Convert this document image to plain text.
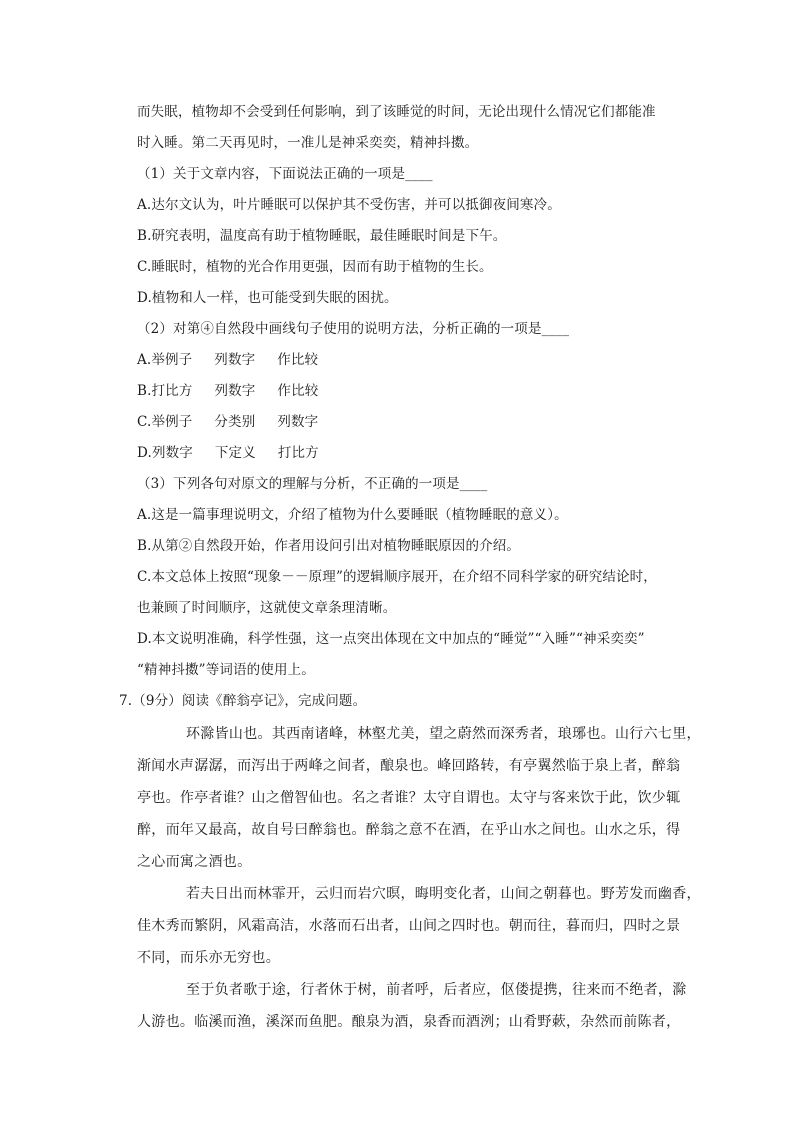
而失眠，植物却不会受到任何影响，到了该睡觉的时间，无论出现什么情况它们都能准
时入睡。第二天再见时，一准儿是神采奕奕，精神抖擞。
（1）关于文章内容，下面说法正确的一项是____
A.达尔文认为，叶片睡眠可以保护其不受伤害，并可以抵御夜间寒冷。
B.研究表明，温度高有助于植物睡眠，最佳睡眠时间是下午。
C.睡眠时，植物的光合作用更强，因而有助于植物的生长。
D.植物和人一样，也可能受到失眠的困扰。
（2）对第④自然段中画线句子使用的说明方法，分析正确的一项是____
A.举例子 列数字 作比较
B.打比方 列数字 作比较
C.举例子 分类别 列数字
D.列数字 下定义 打比方
（3）下列各句对原文的理解与分析，不正确的一项是____
A.这是一篇事理说明文，介绍了植物为什么要睡眠（植物睡眠的意义）。
B.从第②自然段开始，作者用设问引出对植物睡眠原因的介绍。
C.本文总体上按照“现象－－原理”的逻辑顺序展开，在介绍不同科学家的研究结论时，
也兼顾了时间顺序，这就使文章条理清晰。
D.本文说明准确，科学性强，这一点突出体现在文中加点的“睡觉”“入睡”“神采奕奕”
“精神抖擞”等词语的使用上。
7.（9分）阅读《醉翁亭记》，完成问题。
环滁皆山也。其西南诸峰，林壑尤美，望之蔚然而深秀者，琅琊也。山行六七里，
渐闻水声潺潺，而泻出于两峰之间者，酿泉也。峰回路转，有亭翼然临于泉上者，醉翁
亭也。作亭者谁？山之僧智仙也。名之者谁？太守自谓也。太守与客来饮于此，饮少辄
醉，而年又最高，故自号曰醉翁也。醉翁之意不在酒，在乎山水之间也。山水之乐，得
之心而寓之酒也。
若夫日出而林霏开，云归而岩穴暝，晦明变化者，山间之朝暮也。野芳发而幽香，
佳木秀而繁阴，风霜高洁，水落而石出者，山间之四时也。朝而往，暮而归，四时之景
不同，而乐亦无穷也。
至于负者歌于途，行者休于树，前者呼，后者应，伛偻提携，往来而不绝者，滁
人游也。临溪而渔，溪深而鱼肥。酿泉为酒，泉香而酒洌；山肴野蔌，杂然而前陈者，
